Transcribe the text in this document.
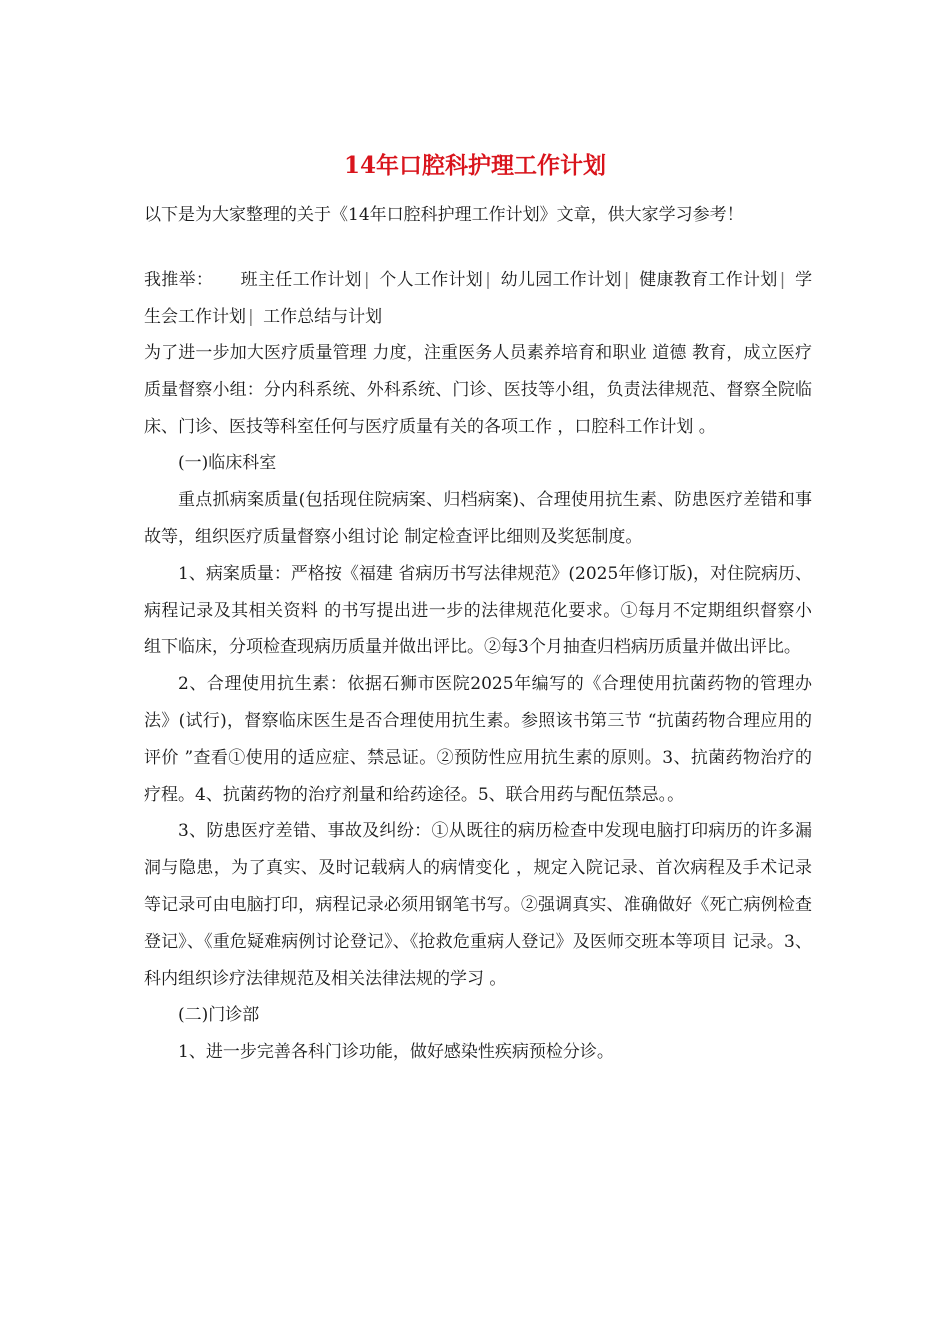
14年口腔科护理工作计划

以下是为大家整理的关于《14年口腔科护理工作计划》文章，供大家学习参考！

我推举： 班主任工作计划 | 个人工作计划 | 幼儿园工作计划 | 健康教育工作计划 | 学生会工作计划 | 工作总结与计划

为了进一步加大医疗质量管理 力度，注重医务人员素养培育和职业 道德 教育，成立医疗质量督察小组：分内科系统、外科系统、门诊、医技等小组，负责法律规范、督察全院临床、门诊、医技等科室任何与医疗质量有关的各项工作 ，口腔科工作计划 。

(一)临床科室

重点抓病案质量(包括现住院病案、归档病案)、合理使用抗生素、防患医疗差错和事故等，组织医疗质量督察小组讨论 制定检查评比细则及奖惩制度。

1、病案质量：严格按《福建 省病历书写法律规范》(2025年修订版)，对住院病历、病程记录及其相关资料 的书写提出进一步的法律规范化要求。①每月不定期组织督察小组下临床，分项检查现病历质量并做出评比。②每3个月抽查归档病历质量并做出评比。

2、合理使用抗生素：依据石狮市医院2025年编写的《合理使用抗菌药物的管理办法》(试行)，督察临床医生是否合理使用抗生素。参照该书第三节 “抗菌药物合理应用的评价 ”查看①使用的适应症、禁忌证。②预防性应用抗生素的原则。3、抗菌药物治疗的疗程。4、抗菌药物的治疗剂量和给药途径。5、联合用药与配伍禁忌。。

3、防患医疗差错、事故及纠纷：①从既往的病历检查中发现电脑打印病历的许多漏洞与隐患，为了真实、及时记载病人的病情变化 ，规定入院记录、首次病程及手术记录等记录可由电脑打印，病程记录必须用钢笔书写。②强调真实、准确做好《死亡病例检查登记》、《重危疑难病例讨论登记》、《抢救危重病人登记》及医师交班本等项目 记录。3、科内组织诊疗法律规范及相关法律法规的学习 。

(二)门诊部

1、进一步完善各科门诊功能，做好感染性疾病预检分诊。
